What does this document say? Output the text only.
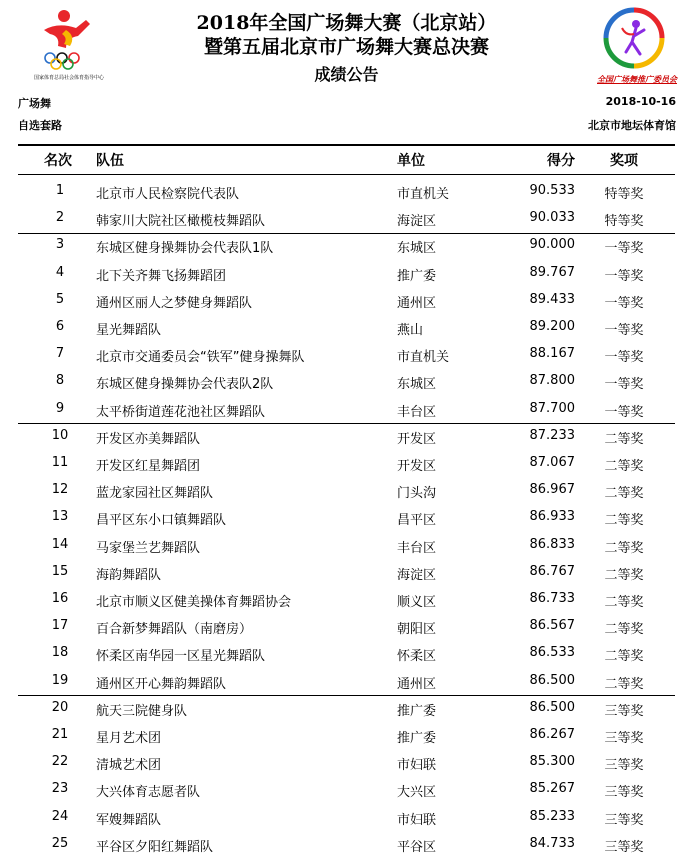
国家体育总局社会体育指导中心
2018年全国广场舞大赛（北京站）
暨第五届北京市广场舞大赛总决赛
成绩公告	全国广场舞推广委员会
广场舞	2018-10-16
自选套路	北京市地坛体育馆
名次	队伍	单位	得分	奖项
1	北京市人民检察院代表队	市直机关	90.533	特等奖
2	韩家川大院社区橄榄枝舞蹈队	海淀区	90.033	特等奖
3	东城区健身操舞协会代表队1队	东城区	90.000	一等奖
4	北下关齐舞飞扬舞蹈团	推广委	89.767	一等奖
5	通州区丽人之梦健身舞蹈队	通州区	89.433	一等奖
6	星光舞蹈队	燕山	89.200	一等奖
7	北京市交通委员会“铁军”健身操舞队	市直机关	88.167	一等奖
8	东城区健身操舞协会代表队2队	东城区	87.800	一等奖
9	太平桥街道莲花池社区舞蹈队	丰台区	87.700	一等奖
10	开发区亦美舞蹈队	开发区	87.233	二等奖
11	开发区红星舞蹈团	开发区	87.067	二等奖
12	蓝龙家园社区舞蹈队	门头沟	86.967	二等奖
13	昌平区东小口镇舞蹈队	昌平区	86.933	二等奖
14	马家堡兰艺舞蹈队	丰台区	86.833	二等奖
15	海韵舞蹈队	海淀区	86.767	二等奖
16	北京市顺义区健美操体育舞蹈协会	顺义区	86.733	二等奖
17	百合新梦舞蹈队（南磨房）	朝阳区	86.567	二等奖
18	怀柔区南华园一区星光舞蹈队	怀柔区	86.533	二等奖
19	通州区开心舞韵舞蹈队	通州区	86.500	二等奖
20	航天三院健身队	推广委	86.500	三等奖
21	星月艺术团	推广委	86.267	三等奖
22	清城艺术团	市妇联	85.300	三等奖
23	大兴体育志愿者队	大兴区	85.267	三等奖
24	军嫂舞蹈队	市妇联	85.233	三等奖
25	平谷区夕阳红舞蹈队	平谷区	84.733	三等奖
